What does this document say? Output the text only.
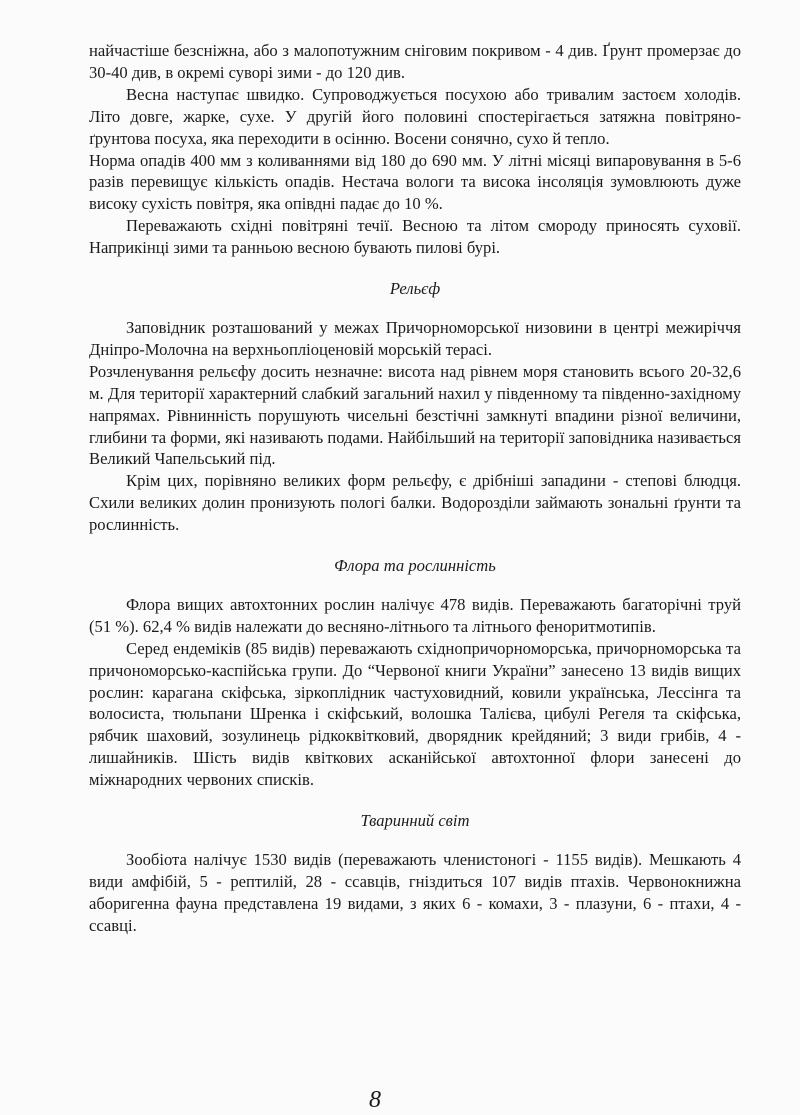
найчастіше безсніжна, або з малопотужним сніговим покривом - 4 див. Ґрунт промерзає до 30-40 див, в окремі суворі зими - до 120 див.

Весна наступає швидко. Супроводжується посухою або тривалим застоєм холодів. Літо довге, жарке, сухе. У другій його половині спостерігається затяжна повітряно-ґрунтова посуха, яка переходити в осінню. Восени сонячно, сухо й тепло.

Норма опадів 400 мм з коливаннями від 180 до 690 мм. У літні місяці випаровування в 5-6 разів перевищує кількість опадів. Нестача вологи та висока інсоляція зумовлюють дуже високу сухість повітря, яка опівдні падає до 10 %.

Переважають східні повітряні течії. Весною та літом смороду приносять суховії. Наприкінці зими та ранньою весною бувають пилові бурі.

Рельєф

Заповідник розташований у межах Причорноморської низовини в центрі межиріччя Дніпро-Молочна на верхньопліоценовій морській терасі.

Розчленування рельєфу досить незначне: висота над рівнем моря становить всього 20-32,6 м. Для території характерний слабкий загальний нахил у південному та південно-західному напрямах. Рівнинність порушують чисельні безстічні замкнуті впадини різної величини, глибини та форми, які називають подами. Найбільший на території заповідника називається Великий Чапельський під.

Крім цих, порівняно великих форм рельєфу, є дрібніші западини - степові блюдця. Схили великих долин пронизують пологі балки. Водорозділи займають зональні ґрунти та рослинність.

Флора та рослинність

Флора вищих автохтонних рослин налічує 478 видів. Переважають багаторічні труй (51 %). 62,4 % видів належати до весняно-літнього та літнього феноритмотипів.

Серед ендеміків (85 видів) переважають східнопричорноморська, причорноморська та причономорсько-каспійська групи. До “Червоної книги України” занесено 13 видів вищих рослин: карагана скіфська, зіркоплідник частуховидний, ковили українська, Лессінга та волосиста, тюльпани Шренка і скіфський, волошка Талієва, цибулі Регеля та скіфська, рябчик шаховий, зозулинець рідкоквітковий, дворядник крейдяний; 3 види грибів, 4 - лишайників. Шість видів квіткових асканійської автохтонної флори занесені до міжнародних червоних списків.

Тваринний світ

Зообіота налічує 1530 видів (переважають членистоногі - 1155 видів). Мешкають 4 види амфібій, 5 - рептилій, 28 - ссавців, гніздиться 107 видів птахів. Червонокнижна аборигенна фауна представлена 19 видами, з яких 6 - комахи, 3 - плазуни, 6 - птахи, 4 - ссавці.

8
